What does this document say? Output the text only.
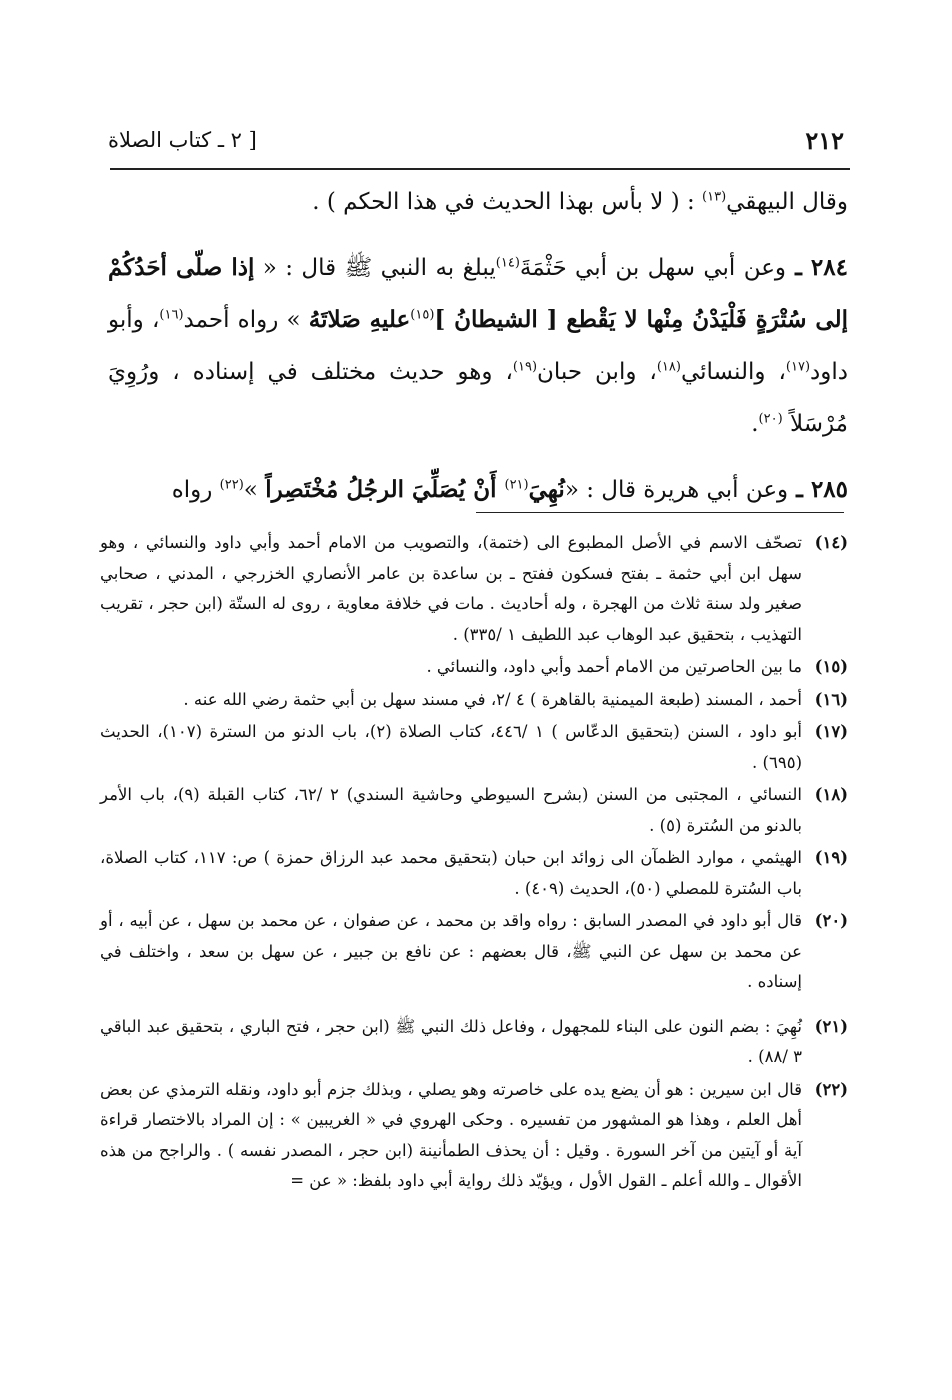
٢١٢
[ ٢ ـ كتاب الصلاة

وقال البيهقي$^{(١٣)}$ : ( لا بأس بهذا الحديث في هذا الحكم ) .

٢٨٤ ـ وعن أبي سهل بن أبي حَثْمَةَ$^{(١٤)}$يبلغ به النبي ﷺ قال : « إذا صلّى أحَدُكُمْ إلى سُتْرَةٍ فَلْيَدْنُ مِنْها لا يَقْطع [ الشيطانُ ]$^{(١٥)}$عليهِ صَلاتَهُ » رواه أحمد$^{(١٦)}$، وأبو داود$^{(١٧)}$، والنسائي$^{(١٨)}$، وابن حبان$^{(١٩)}$، وهو حديث مختلف في إسناده ، ورُوِيَ مُرْسَلاً $^{(٢٠)}$.

٢٨٥ ـ وعن أبي هريرة قال : «نُهِيَ$^{(٢١)}$ أَنْ يُصَلِّيَ الرجُلُ مُخْتَصِراً »$^{(٢٢)}$ رواه

(١٤)
تصحّف الاسم في الأصل المطبوع الى (ختمة)، والتصويب من الامام أحمد وأبي داود والنسائي ، وهو سهل ابن أبي حثمة ـ بفتح فسكون ففتح ـ بن ساعدة بن عامر الأنصاري الخزرجي ، المدني ، صحابي صغير ولد سنة ثلاث من الهجرة ، وله أحاديث . مات في خلافة معاوية ، روى له الستّة (ابن حجر ، تقريب التهذيب ، بتحقيق عبد الوهاب عبد اللطيف ١ /٣٣٥) .
(١٥)
ما بين الحاصرتين من الامام أحمد وأبي داود، والنسائي .
(١٦)
أحمد ، المسند (طبعة الميمنية بالقاهرة ) ٤ /٢، في مسند سهل بن أبي حثمة رضي الله عنه .
(١٧)
أبو داود ، السنن (بتحقيق الدعّاس ) ١ /٤٤٦، كتاب الصلاة (٢)، باب الدنو من السترة (١٠٧)، الحديث (٦٩٥) .
(١٨)
النسائي ، المجتبى من السنن (بشرح السيوطي وحاشية السندي) ٢ /٦٢، كتاب القبلة (٩)، باب الأمر بالدنو من السُترة (٥) .
(١٩)
الهيثمي ، موارد الظمآن الى زوائد ابن حبان (بتحقيق محمد عبد الرزاق حمزة ) ص: ١١٧، كتاب الصلاة، باب السُترة للمصلي (٥٠)، الحديث (٤٠٩) .
(٢٠)
قال أبو داود في المصدر السابق : رواه واقد بن محمد ، عن صفوان ، عن محمد بن سهل ، عن أبيه ، أو عن محمد بن سهل عن النبي ﷺ، قال بعضهم : عن نافع بن جبير ، عن سهل بن سعد ، واختلف في إسناده .
(٢١)
نُهِيَ : بضم النون على البناء للمجهول ، وفاعل ذلك النبي ﷺ (ابن حجر ، فتح الباري ، بتحقيق عبد الباقي ٣ /٨٨) .
(٢٢)
قال ابن سيرين : هو أن يضع يده على خاصرته وهو يصلي ، وبذلك جزم أبو داود، ونقله الترمذي عن بعض أهل العلم ، وهذا هو المشهور من تفسيره . وحكى الهروي في « الغريبين » : إن المراد بالاختصار قراءة آية أو آيتين من آخر السورة . وقيل : أن يحذف الطمأنينة (ابن حجر ، المصدر نفسه ) . والراجح من هذه الأقوال ـ والله أعلم ـ القول الأول ، ويؤيّد ذلك رواية أبي داود بلفظ: « عن =
